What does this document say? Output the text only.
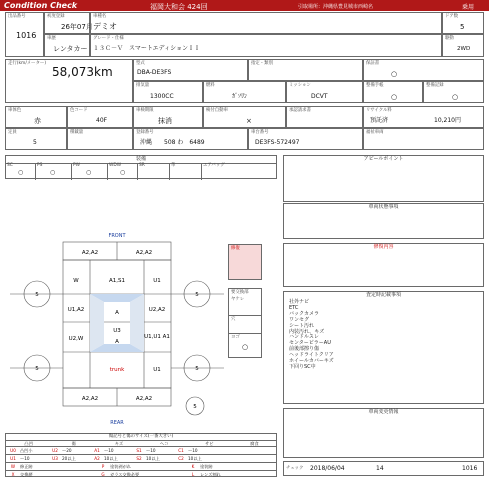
Condition Check	福岡大和会 424回	引取場所：沖縄県豊見城市西崎名	乗用
出品番号
1016
初度登録
26年07月
車種名
デミオ
ドア数
5
車歴
レンタカー
グレード・仕様
１３Ｃ－Ｖ　スマートエディションＩＩ
駆動
2WD
走行(km/メーター)
58,073km
型式
DBA-DE3FS
指定・類別	保証書
○
排気量
1300CC
燃料
ｶﾞｿﾘﾝ
ミッション
DCVT
整備手帳
○
整備記録
○
車体色
赤
色コード
40F
車検期限
抹消
検付自動車
×
承認請求書	リサイクル料
預託済	10,210円
定員
5
積載量	登録番号
沖縄　　508 わ　6489
車台番号
DE3FS-572497
福祉車両
装備
SC
○
PS
○
PW
○
WDW
○
SR	革	エアバッグ
アピールポイント
車両状態事項
修復内容
査定時記載事項
社外ナビ
ETC
バックカメラ
ワンセグ
シート汚れ
内装汚れ、キズ
ハンドルスレ
センターピラーAU
前後部擦り傷
ヘッドライトクリア
ホイールカバーキズ
下回りSC中
車両変更情報
修復
要交換部
ヤケレ
穴
ヨゴ
○
FRONT
REAR
A2,A2	A2,A2
A1,S1	U1
W
U1,A2	U2,A2
A
U3
A
U2,W	U1,U1 A1
U1
trunk
A2,A2	A2,A2
5	5
5	5
5
傷記号と傷のサイズ(一番大きい)
凸凹	傷	キズ	ヘコ	サビ	腐食
U0 凸凹小	U2 ～20	A1	～10	S1	～10	C1	～10
U1 ～10	U3 20以上	A2	10以上	S2	10以上	C2	10以上
W	修正跡	P	塗装剥がれ	K	塗装跡
X	交換歴	G	ガラス交換必要	L	レンズ割れ
チェック 2018/06/04	14	1016
